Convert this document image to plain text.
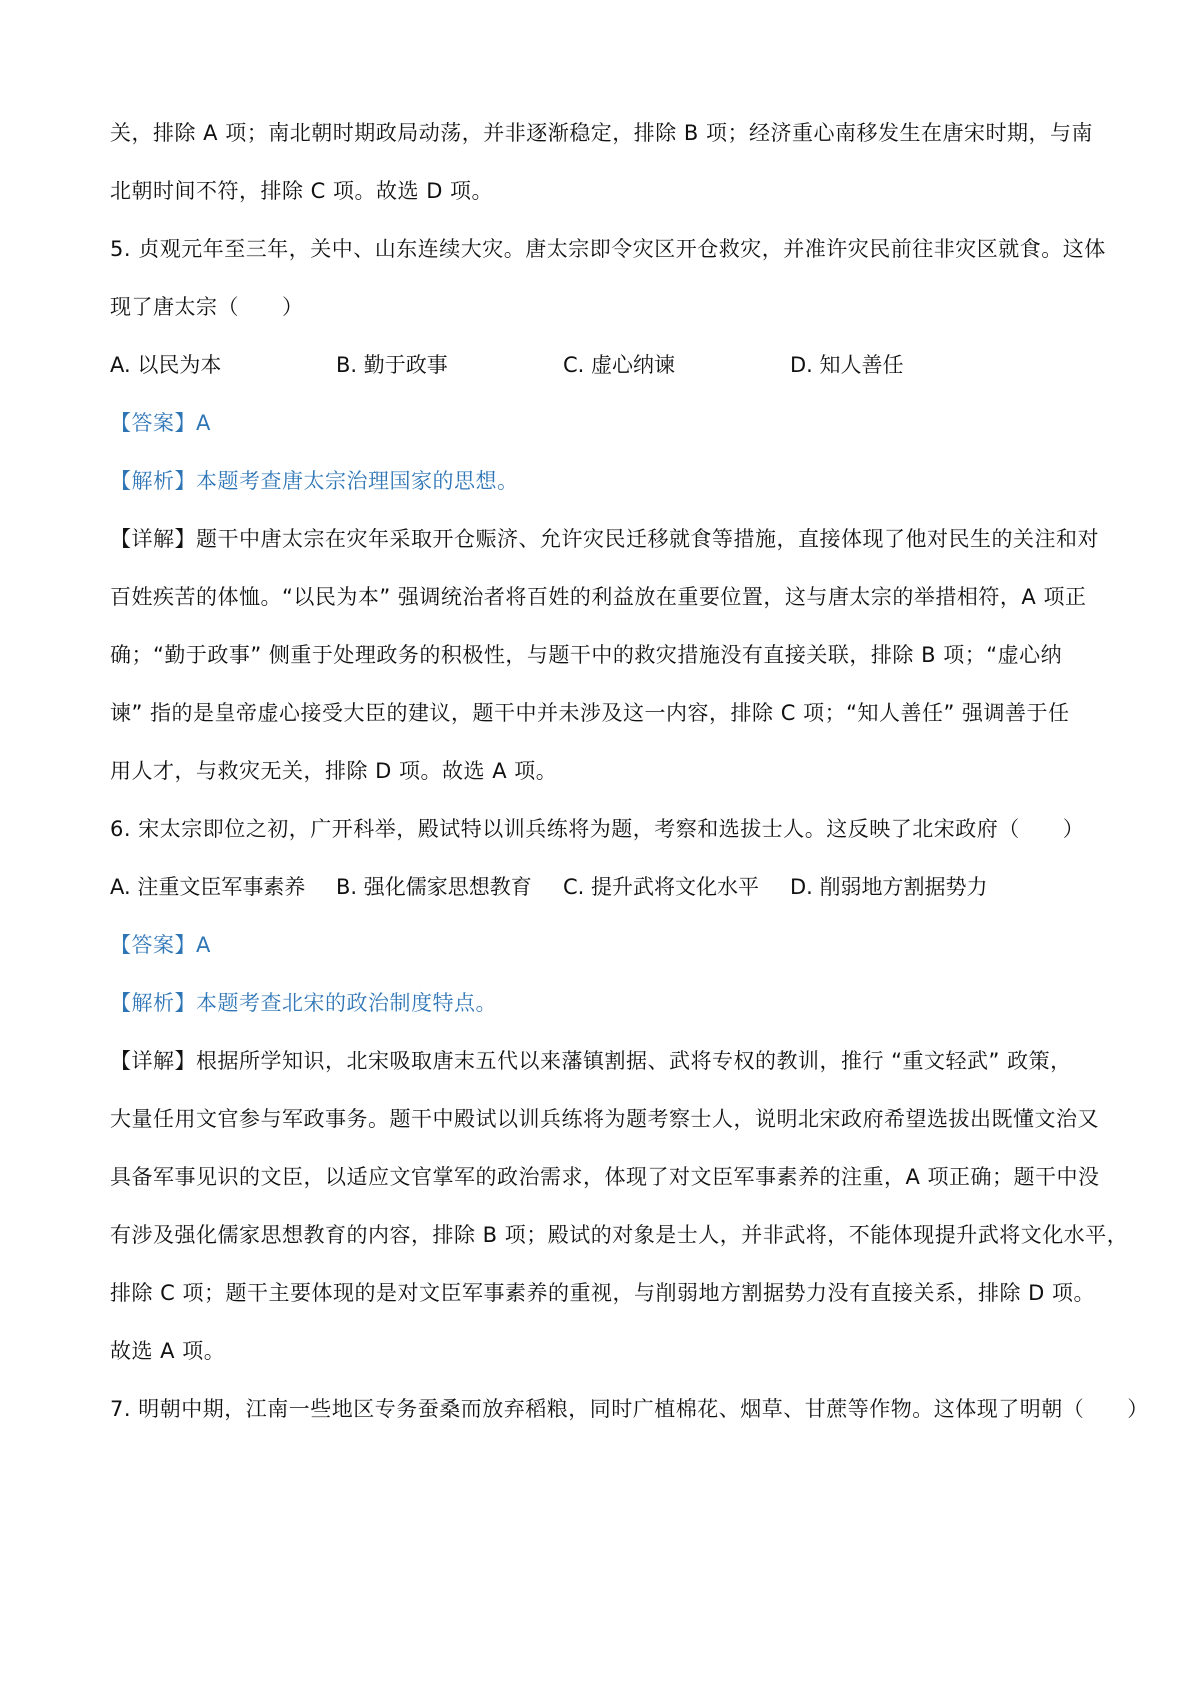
关，排除 A 项；南北朝时期政局动荡，并非逐渐稳定，排除 B 项；经济重心南移发生在唐宋时期，与南
北朝时间不符，排除 C 项。故选 D 项。
5. 贞观元年至三年，关中、山东连续大灾。唐太宗即令灾区开仓救灾，并准许灾民前往非灾区就食。这体
现了唐太宗（　　）
A. 以民为本	B. 勤于政事	C. 虚心纳谏	D. 知人善任
【答案】A
【解析】本题考查唐太宗治理国家的思想。
【详解】题干中唐太宗在灾年采取开仓赈济、允许灾民迁移就食等措施，直接体现了他对民生的关注和对
百姓疾苦的体恤。“以民为本” 强调统治者将百姓的利益放在重要位置，这与唐太宗的举措相符，A 项正
确；“勤于政事” 侧重于处理政务的积极性，与题干中的救灾措施没有直接关联，排除 B 项；“虚心纳
谏” 指的是皇帝虚心接受大臣的建议，题干中并未涉及这一内容，排除 C 项；“知人善任” 强调善于任
用人才，与救灾无关，排除 D 项。故选 A 项。
6. 宋太宗即位之初，广开科举，殿试特以训兵练将为题，考察和选拔士人。这反映了北宋政府（　　）
A. 注重文臣军事素养 B. 强化儒家思想教育 C. 提升武将文化水平 D. 削弱地方割据势力
【答案】A
【解析】本题考查北宋的政治制度特点。
【详解】根据所学知识，北宋吸取唐末五代以来藩镇割据、武将专权的教训，推行 “重文轻武” 政策，
大量任用文官参与军政事务。题干中殿试以训兵练将为题考察士人，说明北宋政府希望选拔出既懂文治又
具备军事见识的文臣，以适应文官掌军的政治需求，体现了对文臣军事素养的注重，A 项正确；题干中没
有涉及强化儒家思想教育的内容，排除 B 项；殿试的对象是士人，并非武将，不能体现提升武将文化水平，
排除 C 项；题干主要体现的是对文臣军事素养的重视，与削弱地方割据势力没有直接关系，排除 D 项。
故选 A 项。
7. 明朝中期，江南一些地区专务蚕桑而放弃稻粮，同时广植棉花、烟草、甘蔗等作物。这体现了明朝（　　）
